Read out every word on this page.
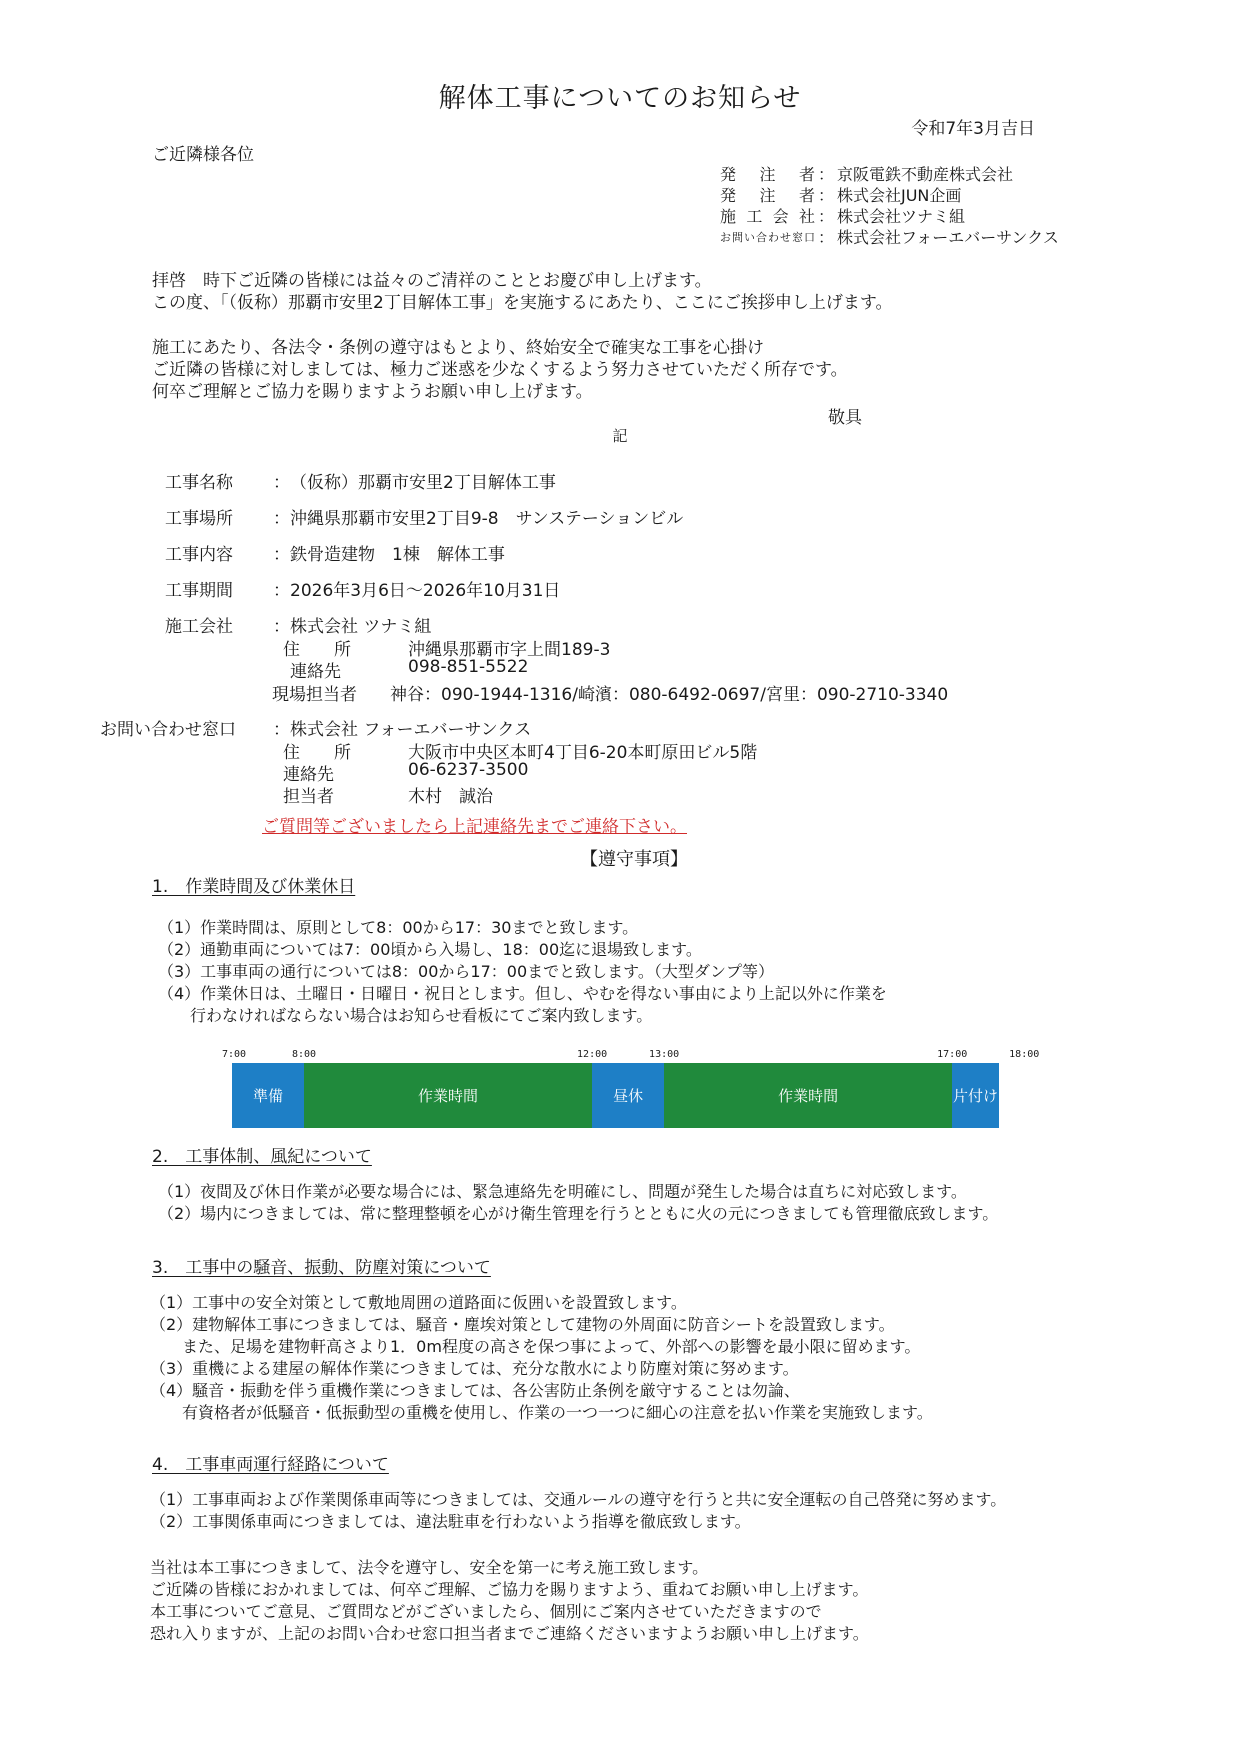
解体工事についてのお知らせ
令和7年3月吉日
ご近隣様各位
発注者 ： 京阪電鉄不動産株式会社
発注者 ： 株式会社JUN企画
施工会社 ： 株式会社ツナミ組
お問い合わせ窓口 ： 株式会社フォーエバーサンクス
拝啓　時下ご近隣の皆様には益々のご清祥のこととお慶び申し上げます。
この度、「（仮称）那覇市安里2丁目解体工事」を実施するにあたり、ここにご挨拶申し上げます。
施工にあたり、各法令・条例の遵守はもとより、終始安全で確実な工事を心掛け
ご近隣の皆様に対しましては、極力ご迷惑を少なくするよう努力させていただく所存です。
何卒ご理解とご協力を賜りますようお願い申し上げます。
敬具
記
工事名称	： （仮称）那覇市安里2丁目解体工事
工事場所	： 沖縄県那覇市安里2丁目9-8　サンステーションビル
工事内容	： 鉄骨造建物　1棟　解体工事
工事期間	： 2026年3月6日～2026年10月31日
施工会社	： 株式会社 ツナミ組
住　　所	沖縄県那覇市字上間189-3
連絡先	098-851-5522
現場担当者	神谷：090-1944-1316/崎濱：080-6492-0697/宮里：090-2710-3340
お問い合わせ窓口	： 株式会社 フォーエバーサンクス
住　　所	大阪市中央区本町4丁目6-20本町原田ビル5階
連絡先	06-6237-3500
担当者	木村　誠治
ご質問等ございましたら上記連絡先までご連絡下さい。
【遵守事項】
1.　作業時間及び休業休日
（1）作業時間は、原則として8：00から17：30までと致します。
（2）通勤車両については7：00頃から入場し、18：00迄に退場致します。
（3）工事車両の通行については8：00から17：00までと致します。（大型ダンプ等）
（4）作業休日は、土曜日・日曜日・祝日とします。但し、やむを得ない事由により上記以外に作業を
　　行わなければならない場合はお知らせ看板にてご案内致します。
7:00	8:00	12:00	13:00	17:00	18:00
準備	作業時間	昼休	作業時間	片付け
2.　工事体制、風紀について
（1）夜間及び休日作業が必要な場合には、緊急連絡先を明確にし、問題が発生した場合は直ちに対応致します。
（2）場内につきましては、常に整理整頓を心がけ衛生管理を行うとともに火の元につきましても管理徹底致します。
3.　工事中の騒音、振動、防塵対策について
（1）工事中の安全対策として敷地周囲の道路面に仮囲いを設置致します。
（2）建物解体工事につきましては、騒音・塵埃対策として建物の外周面に防音シートを設置致します。
　　また、足場を建物軒高さより1．0m程度の高さを保つ事によって、外部への影響を最小限に留めます。
（3）重機による建屋の解体作業につきましては、充分な散水により防塵対策に努めます。
（4）騒音・振動を伴う重機作業につきましては、各公害防止条例を厳守することは勿論、
　　有資格者が低騒音・低振動型の重機を使用し、作業の一つ一つに細心の注意を払い作業を実施致します。
4.　工事車両運行経路について
（1）工事車両および作業関係車両等につきましては、交通ルールの遵守を行うと共に安全運転の自己啓発に努めます。
（2）工事関係車両につきましては、違法駐車を行わないよう指導を徹底致します。
当社は本工事につきまして、法令を遵守し、安全を第一に考え施工致します。
ご近隣の皆様におかれましては、何卒ご理解、ご協力を賜りますよう、重ねてお願い申し上げます。
本工事についてご意見、ご質問などがございましたら、個別にご案内させていただきますので
恐れ入りますが、上記のお問い合わせ窓口担当者までご連絡くださいますようお願い申し上げます。
